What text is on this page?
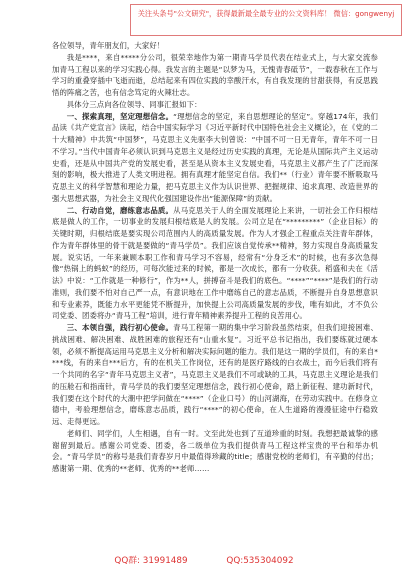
关注头条号"公文研究"，获得最新最全最专业的公文资料库！ 微信：gongwenyj

各位领导，青年朋友们，大家好！

我是****，来自*****分公司，很荣幸地作为第一期青马学员代表在结业式上，与大家交流参加青马工程以来的学习实践心得。我发言的主题是“以梦为马，无愧青春砥节”，一载春秋在工作与学习的重叠穿插中飞逝而逝，总结起来有四位实践的幸酸汗水，有自我发现的甘甜获得，有反思践悟的阵痛之苦，也有信念笃定的火辣壮志。

具体分三点向各位领导、同事汇报如下：

一、探索真理，坚定理想信念。“理想信念的坚定，来自思想理论的坚定”。穿越174年，我们品读《共产党宣言》读起，结合中国实际学习《习近平新时代中国特色社会主义概论》，在《党的二十大精神》中共筑“中国梦”，马克思主义先驱李大钊曾说：“中国不可一日无青年，青年不可一日不学习。”当代中国青年必须认识到马克思主义是经过历史实践的真理，无论是从国际共产主义运动史看，还是从中国共产党的发展史看，甚至是从资本主义发展史看，马克思主义都产生了广泛而深刻的影响，极大推进了人类文明进程。拥有真理才能坚定自信。我们**（行业）青年要不断吸取马克思主义的科学智慧和理论力量，把马克思主义作为认识世界、把握规律、追求真理、改造世界的强大思想武器，为社会主义现代化强国建设作出“能源保障”的贡献。

二、行动自觉，磨练意志品质。从马克思关于人的全面发展理论上来讲，一切社会工作归根结底是做人的工作，一切事业的发展归根结底是人的发展。公司立足在“*********”（企业目标）的关键时期，归根结底是要实现公司范围内人的高质量发展。作为人才强企工程重点关注青年群体，作为青年群体里的骨干就是要做的“青马学员”。我们应该自觉传承**精神，努力实现自身高质量发展。说实话，一年来兼顾本职工作和青马学习不容易，经常有“分身乏术”的时候，也有多次急得像“热锅上的蚂蚁”的经历，可每次能过来的时候，都是一次成长，都有一分收获。稻盛和夫在《活法》中说：“工作就是一种修行”，作为**人，拼搏奋斗是我们的底色。“****”“****”是我们的行动准则，我们要不怕对自己严一点，有意识地在工作中磨练自己的意志品质，不断提升自身思想意识和专业素养，既能力水平更能凭不断提升，加快提上公司高质量发展的步伐，唯有如此，才不负公司党委、团委将办“青马工程”培训，进行青年精神素养提升工程的良苦用心。

三、本领自强，践行初心使命。青马工程第一期的集中学习阶段虽然结束，但我们迎接困难、挑战困难、解决困难、战胜困难的旅程还有“山重水复”。习近平总书记指出，我们要练就过硬本领，必须不断提高运用马克思主义分析和解决实际问题的能力。我们是这一期的学员们，有的来自****线，有的来自***后方，有的在机关工作岗位，还有的是医疗路线的白衣战士，而今后我们将有一个共同的名字“青年马克思主义者”，马克思主义是我们不可或缺的工具，马克思主义理论是我们的压舱石和指南针，青马学员的我们要坚定理想信念，践行初心使命，踏上新征程、建功新时代，我们要在这个时代的大潮中把学问做在“****”（企业口号）的山河湖海，在劳动实践中。在修身立德中，考验理想信念，磨练意志品质，践行“****”的初心使命，在人生道路的漫漫征途中行稳致远、走得更远。

老师们、同学们，人生相遇，自有一时。文至此处也到了互道珍重的时刻。我想把最诚挚的感谢留到最后。感谢公司党委、团委，各二级单位为我们提供青马工程这样宝贵的平台和举办机会。“青马学员”的称号是我们青春岁月中最值得珍藏的title；感谢党校的老师们，有辛勤的付出；感谢第一期、优秀的**老师、优秀的**老师……

QQ群: 31991489	QQ:535304092
